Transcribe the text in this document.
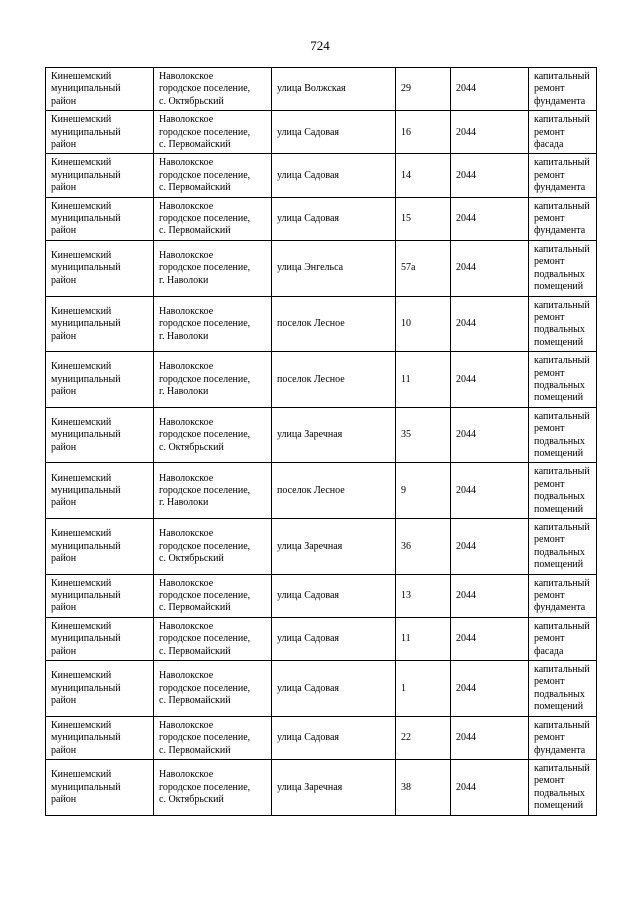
724
Кинешемский
муниципальный
район	Наволокское
городское поселение,
с. Октябрьский	улица Волжская	29	2044	капитальный
ремонт
фундамента
Кинешемский
муниципальный
район	Наволокское
городское поселение,
с. Первомайский	улица Садовая	16	2044	капитальный
ремонт фасада
Кинешемский
муниципальный
район	Наволокское
городское поселение,
с. Первомайский	улица Садовая	14	2044	капитальный
ремонт
фундамента
Кинешемский
муниципальный
район	Наволокское
городское поселение,
с. Первомайский	улица Садовая	15	2044	капитальный
ремонт
фундамента
Кинешемский
муниципальный
район	Наволокское
городское поселение,
г. Наволоки	улица Энгельса	57а	2044	капитальный
ремонт
подвальных
помещений
Кинешемский
муниципальный
район	Наволокское
городское поселение,
г. Наволоки	поселок Лесное	10	2044	капитальный
ремонт
подвальных
помещений
Кинешемский
муниципальный
район	Наволокское
городское поселение,
г. Наволоки	поселок Лесное	11	2044	капитальный
ремонт
подвальных
помещений
Кинешемский
муниципальный
район	Наволокское
городское поселение,
с. Октябрьский	улица Заречная	35	2044	капитальный
ремонт
подвальных
помещений
Кинешемский
муниципальный
район	Наволокское
городское поселение,
г. Наволоки	поселок Лесное	9	2044	капитальный
ремонт
подвальных
помещений
Кинешемский
муниципальный
район	Наволокское
городское поселение,
с. Октябрьский	улица Заречная	36	2044	капитальный
ремонт
подвальных
помещений
Кинешемский
муниципальный
район	Наволокское
городское поселение,
с. Первомайский	улица Садовая	13	2044	капитальный
ремонт
фундамента
Кинешемский
муниципальный
район	Наволокское
городское поселение,
с. Первомайский	улица Садовая	11	2044	капитальный
ремонт фасада
Кинешемский
муниципальный
район	Наволокское
городское поселение,
с. Первомайский	улица Садовая	1	2044	капитальный
ремонт
подвальных
помещений
Кинешемский
муниципальный
район	Наволокское
городское поселение,
с. Первомайский	улица Садовая	22	2044	капитальный
ремонт
фундамента
Кинешемский
муниципальный
район	Наволокское
городское поселение,
с. Октябрьский	улица Заречная	38	2044	капитальный
ремонт
подвальных
помещений
